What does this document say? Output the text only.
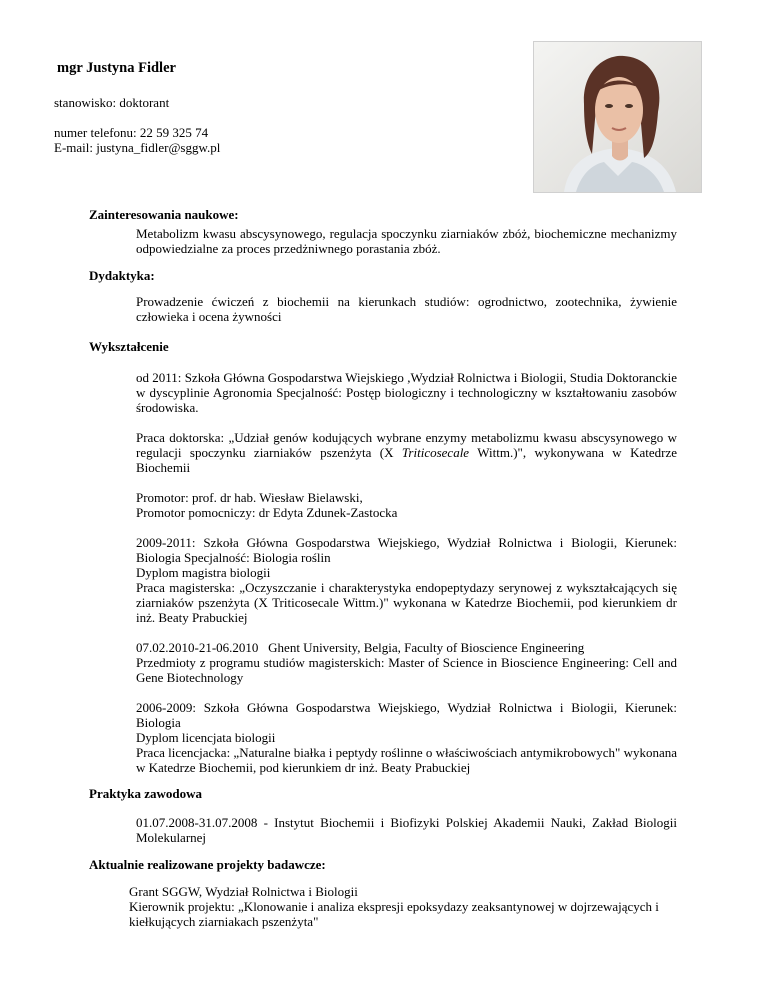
mgr Justyna Fidler
stanowisko: doktorant
numer telefonu: 22 59 325 74
E-mail: justyna_fidler@sggw.pl
Zainteresowania naukowe:
Metabolizm kwasu abscysynowego, regulacja spoczynku ziarniaków zbóż, biochemiczne mechanizmy odpowiedzialne za proces przedżniwnego porastania zbóż.
Dydaktyka:
Prowadzenie ćwiczeń z biochemii na kierunkach studiów: ogrodnictwo, zootechnika, żywienie człowieka i ocena żywności
Wykształcenie

od 2011: Szkoła Główna Gospodarstwa Wiejskiego ,Wydział Rolnictwa i Biologii, Studia Doktoranckie w dyscyplinie Agronomia Specjalność: Postęp biologiczny i technologiczny w kształtowaniu zasobów środowiska.

Praca doktorska: „Udział genów kodujących wybrane enzymy metabolizmu kwasu abscysynowego w regulacji spoczynku ziarniaków pszenżyta (X Triticosecale Wittm.)", wykonywana w Katedrze Biochemii

Promotor: prof. dr hab. Wiesław Bielawski,

Promotor pomocniczy: dr Edyta Zdunek-Zastocka

2009-2011: Szkoła Główna Gospodarstwa Wiejskiego, Wydział Rolnictwa i Biologii, Kierunek: Biologia Specjalność: Biologia roślin

Dyplom magistra biologii

Praca magisterska: „Oczyszczanie i charakterystyka endopeptydazy serynowej z wykształcających się ziarniaków pszenżyta (X Triticosecale Wittm.)" wykonana w Katedrze Biochemii, pod kierunkiem dr inż. Beaty Prabuckiej

07.02.2010-21-06.2010   Ghent University, Belgia, Faculty of Bioscience Engineering

Przedmioty z programu studiów magisterskich: Master of Science in Bioscience Engineering: Cell and Gene Biotechnology

2006-2009: Szkoła Główna Gospodarstwa Wiejskiego, Wydział Rolnictwa i Biologii, Kierunek: Biologia

Dyplom licencjata biologii

Praca licencjacka: „Naturalne białka i peptydy roślinne o właściwościach antymikrobowych" wykonana w Katedrze Biochemii, pod kierunkiem dr inż. Beaty Prabuckiej

Praktyka zawodowa
01.07.2008-31.07.2008 - Instytut Biochemii i Biofizyki Polskiej Akademii Nauki, Zakład Biologii Molekularnej
Aktualnie realizowane projekty badawcze:

Grant SGGW, Wydział Rolnictwa i Biologii

Kierownik projektu: „Klonowanie i analiza ekspresji epoksydazy zeaksantynowej w dojrzewających i kiełkujących ziarniakach pszenżyta"
